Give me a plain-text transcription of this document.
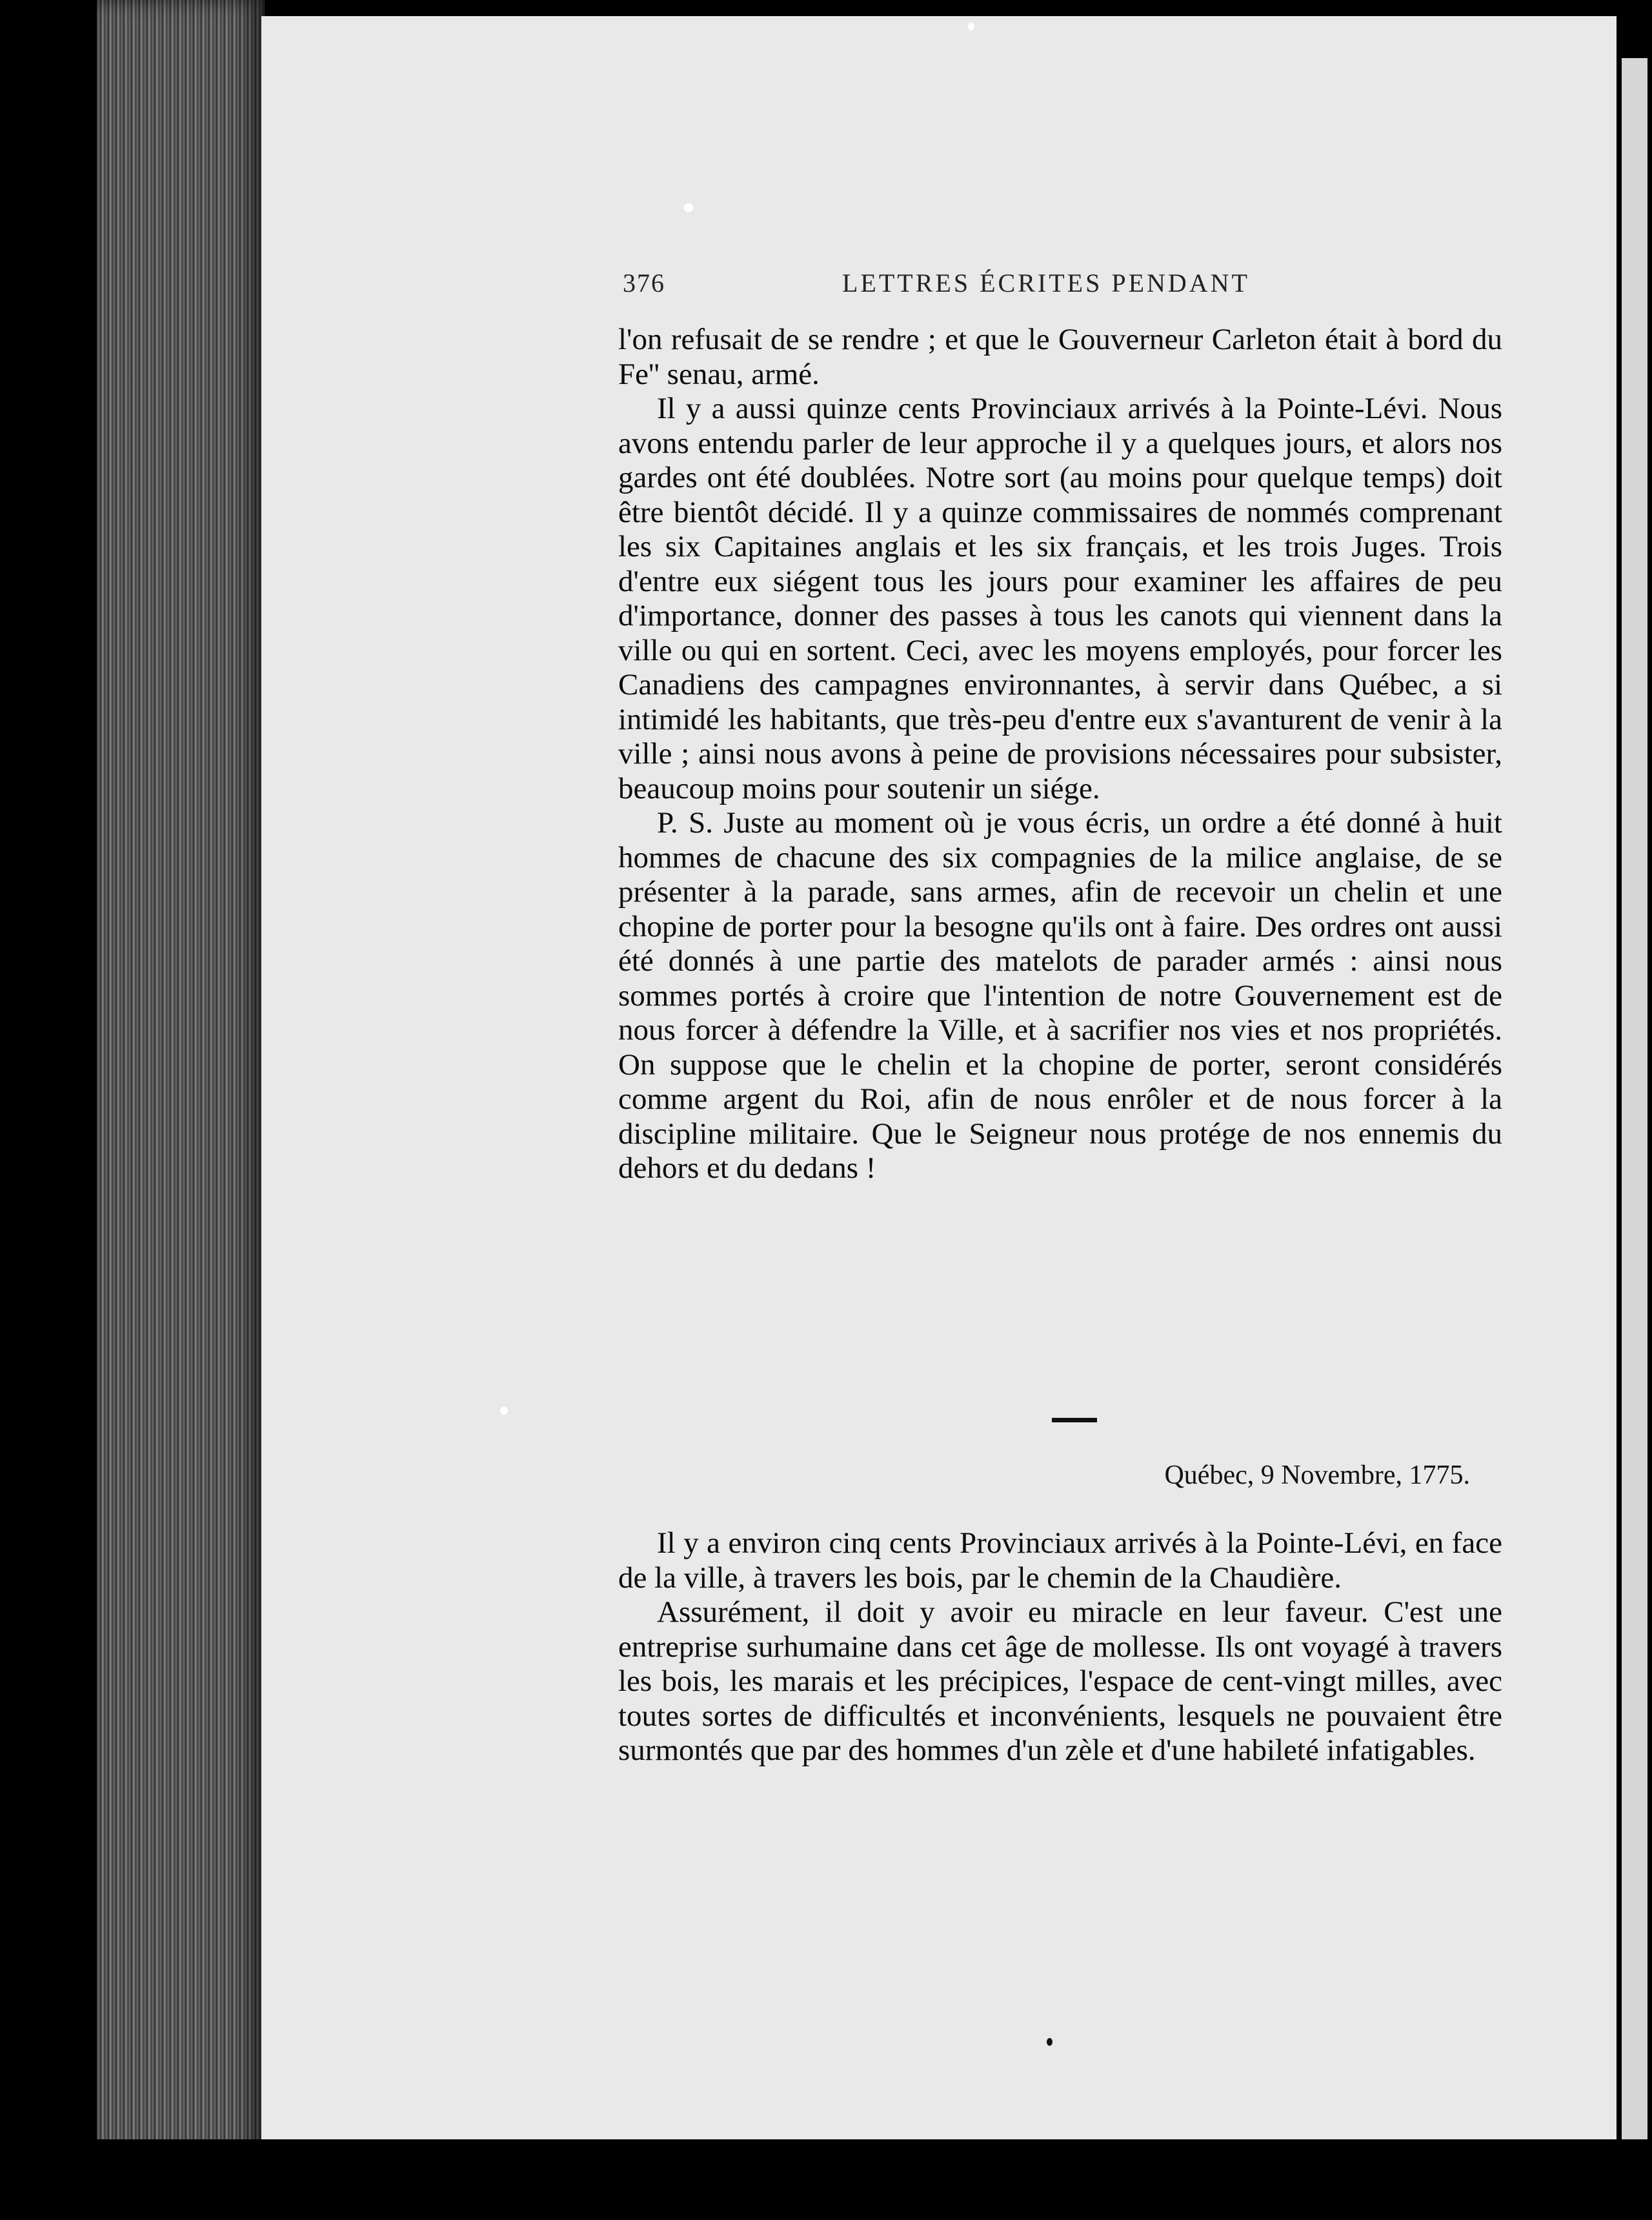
376	LETTRES ÉCRITES PENDANT

l'on refusait de se rendre ; et que le Gouverneur Carleton était à bord du Fe'' senau, armé.

Il y a aussi quinze cents Provinciaux arrivés à la Pointe-Lévi. Nous avons entendu parler de leur approche il y a quelques jours, et alors nos gardes ont été doublées. Notre sort (au moins pour quelque temps) doit être bientôt décidé. Il y a quinze commissaires de nommés comprenant les six Capitaines anglais et les six français, et les trois Juges. Trois d'entre eux siégent tous les jours pour examiner les affaires de peu d'importance, donner des passes à tous les canots qui viennent dans la ville ou qui en sortent. Ceci, avec les moyens employés, pour forcer les Canadiens des campagnes environnantes, à servir dans Québec, a si intimidé les habitants, que très-peu d'entre eux s'avanturent de venir à la ville ; ainsi nous avons à peine de provisions nécessaires pour subsister, beaucoup moins pour soutenir un siége.

P. S. Juste au moment où je vous écris, un ordre a été donné à huit hommes de chacune des six compagnies de la milice anglaise, de se présenter à la parade, sans armes, afin de recevoir un chelin et une chopine de porter pour la besogne qu'ils ont à faire. Des ordres ont aussi été donnés à une partie des matelots de parader armés : ainsi nous sommes portés à croire que l'intention de notre Gouvernement est de nous forcer à défendre la Ville, et à sacrifier nos vies et nos propriétés. On suppose que le chelin et la chopine de porter, seront considérés comme argent du Roi, afin de nous enrôler et de nous forcer à la discipline militaire. Que le Seigneur nous protége de nos ennemis du dehors et du dedans !

Québec, 9 Novembre, 1775.

Il y a environ cinq cents Provinciaux arrivés à la Pointe-Lévi, en face de la ville, à travers les bois, par le chemin de la Chaudière.

Assurément, il doit y avoir eu miracle en leur faveur. C'est une entreprise surhumaine dans cet âge de mollesse. Ils ont voyagé à travers les bois, les marais et les précipices, l'espace de cent-vingt milles, avec toutes sortes de difficultés et inconvénients, lesquels ne pouvaient être surmontés que par des hommes d'un zèle et d'une habileté infatigables.
